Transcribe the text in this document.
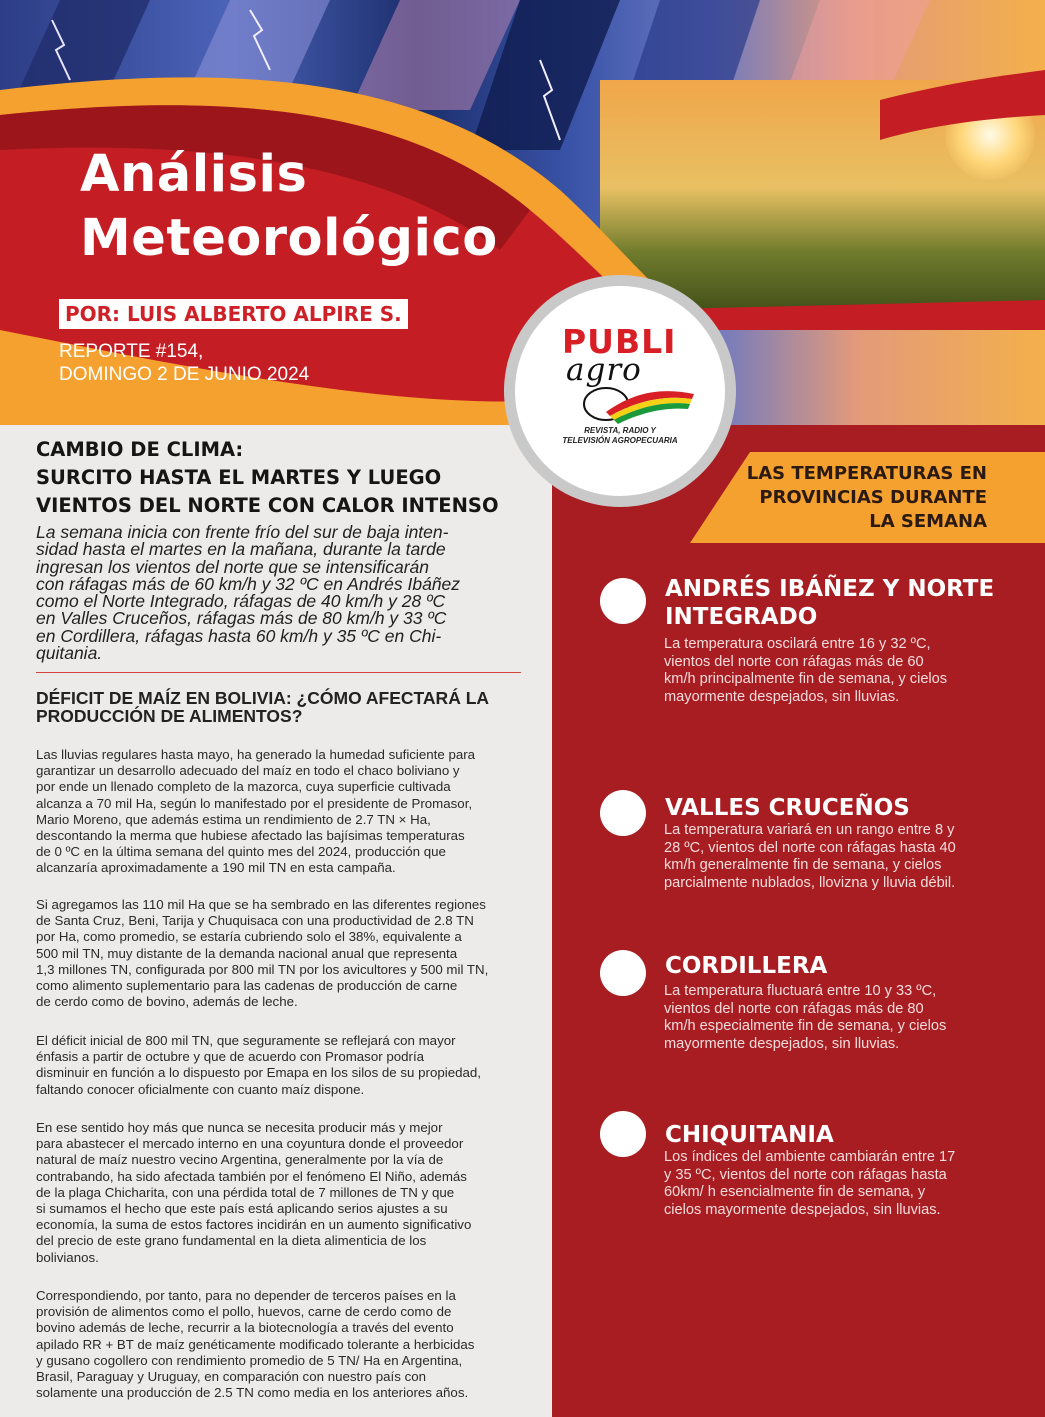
Análisis
Meteorológico
POR: LUIS ALBERTO ALPIRE S.
REPORTE #154,
DOMINGO 2 DE JUNIO 2024
LAS TEMPERATURAS EN
PROVINCIAS DURANTE
LA SEMANA
PUBLI
agro
REVISTA, RADIO Y
TELEVISIÓN AGROPECUARIA
ANDRÉS IBÁÑEZ Y NORTE
INTEGRADO
La temperatura oscilará entre 16 y 32 ºC,
vientos del norte con ráfagas más de 60
km/h principalmente fin de semana, y cielos
mayormente despejados, sin lluvias.
VALLES CRUCEÑOS
La temperatura variará en un rango entre 8 y
28 ºC, vientos del norte con ráfagas hasta 40
km/h generalmente fin de semana, y cielos
parcialmente nublados, llovizna y lluvia débil.
CORDILLERA
La temperatura fluctuará entre 10 y 33 ºC,
vientos del norte con ráfagas más de 80
km/h especialmente fin de semana, y cielos
mayormente despejados, sin lluvias.
CHIQUITANIA
Los índices del ambiente cambiarán entre 17
y 35 ºC, vientos del norte con ráfagas hasta
60km/ h esencialmente fin de semana, y
cielos mayormente despejados, sin lluvias.
CAMBIO DE CLIMA:
SURCITO HASTA EL MARTES Y LUEGO
VIENTOS DEL NORTE CON CALOR INTENSO
La semana inicia con frente frío del sur de baja inten-
sidad hasta el martes en la mañana, durante la tarde
ingresan los vientos del norte que se intensificarán
con ráfagas más de 60 km/h y 32 ºC en Andrés Ibáñez
como el Norte Integrado, ráfagas de 40 km/h y 28 ºC
en Valles Cruceños, ráfagas más de 80 km/h y 33 ºC
en Cordillera, ráfagas hasta 60 km/h y 35 ºC en Chi-
quitania.
DÉFICIT DE MAÍZ EN BOLIVIA: ¿CÓMO AFECTARÁ LA
PRODUCCIÓN DE ALIMENTOS?
Las lluvias regulares hasta mayo, ha generado la humedad suficiente para
garantizar un desarrollo adecuado del maíz en todo el chaco boliviano y
por ende un llenado completo de la mazorca, cuya superficie cultivada
alcanza a 70 mil Ha, según lo manifestado por el presidente de Promasor,
Mario Moreno, que además estima un rendimiento de 2.7 TN × Ha,
descontando la merma que hubiese afectado las bajísimas temperaturas
de 0 ºC en la última semana del quinto mes del 2024, producción que
alcanzaría aproximadamente a 190 mil TN en esta campaña.
Si agregamos las 110 mil Ha que se ha sembrado en las diferentes regiones
de Santa Cruz, Beni, Tarija y Chuquisaca con una productividad de 2.8 TN
por Ha, como promedio, se estaría cubriendo solo el 38%, equivalente a
500 mil TN, muy distante de la demanda nacional anual que representa
1,3 millones TN, configurada por 800 mil TN por los avicultores y 500 mil TN,
como alimento suplementario para las cadenas de producción de carne
de cerdo como de bovino, además de leche.
El déficit inicial de 800 mil TN, que seguramente se reflejará con mayor
énfasis a partir de octubre y que de acuerdo con Promasor podría
disminuir en función a lo dispuesto por Emapa en los silos de su propiedad,
faltando conocer oficialmente con cuanto maíz dispone.
En ese sentido hoy más que nunca se necesita producir más y mejor
para abastecer el mercado interno en una coyuntura donde el proveedor
natural de maíz nuestro vecino Argentina, generalmente por la vía de
contrabando, ha sido afectada también por el fenómeno El Niño, además
de la plaga Chicharita, con una pérdida total de 7 millones de TN y que
si sumamos el hecho que este país está aplicando serios ajustes a su
economía, la suma de estos factores incidirán en un aumento significativo
del precio de este grano fundamental en la dieta alimenticia de los
bolivianos.
Correspondiendo, por tanto, para no depender de terceros países en la
provisión de alimentos como el pollo, huevos, carne de cerdo como de
bovino además de leche, recurrir a la biotecnología a través del evento
apilado RR + BT de maíz genéticamente modificado tolerante a herbicidas
y gusano cogollero con rendimiento promedio de 5 TN/ Ha en Argentina,
Brasil, Paraguay y Uruguay, en comparación con nuestro país con
solamente una producción de 2.5 TN como media en los anteriores años.
